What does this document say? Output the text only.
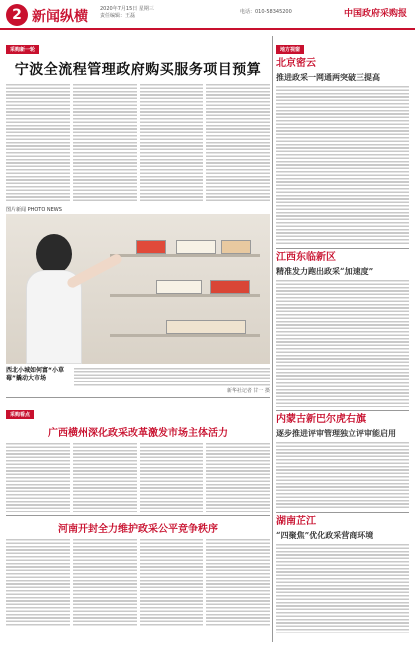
2 新闻纵横 2020年7月15日 星期三
责任编辑：王磊
电话：010-58345200	中国政府采购报
采购新一轮
宁波全流程管理政府购买服务项目预算
图片新闻 PHOTO NEWS
西北小城如何富“小草莓”撬动大市场
新华社记者 甘一 摄
采购看点
广西横州深化政采改革激发市场主体活力
河南开封全力维护政采公平竞争秩序
地方视窗
北京密云
推进政采一网通两突破三提高
江西东临新区
精准发力跑出政采“加速度”
内蒙古新巴尔虎右旗
逐步推进评审管理独立评审能启用
湖南芷江
“四聚焦”优化政采营商环境
